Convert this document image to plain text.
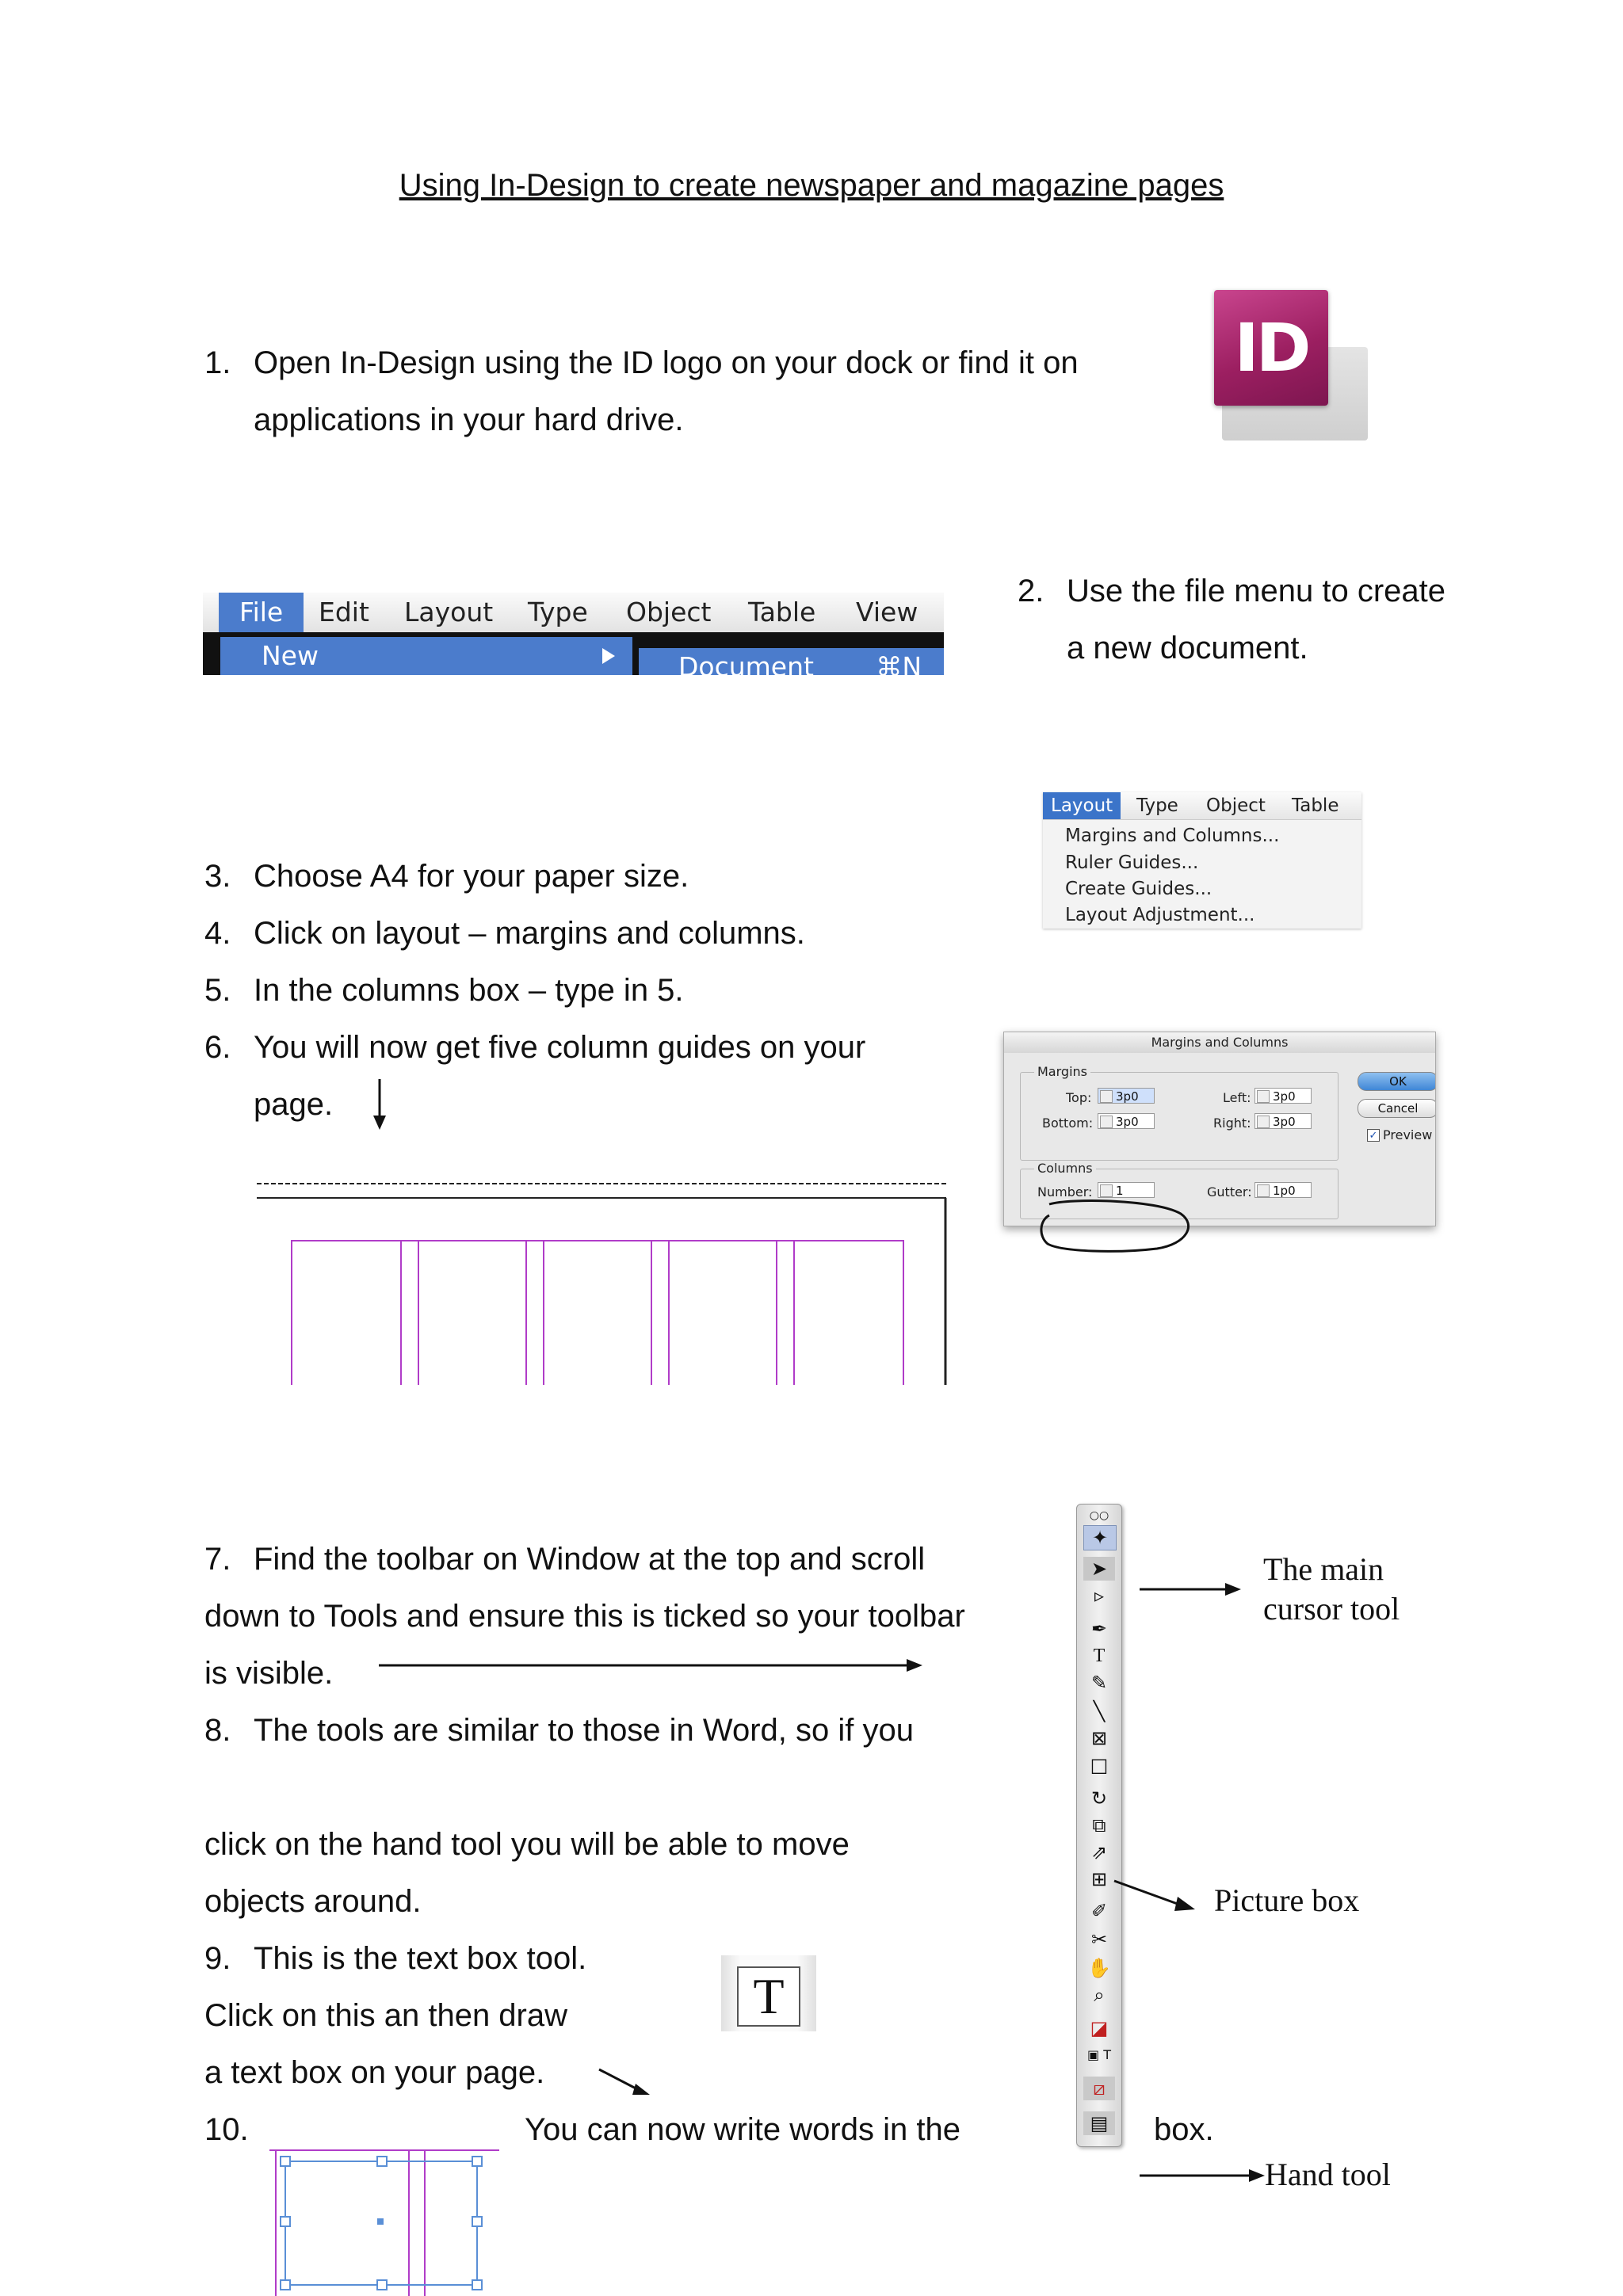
Using In-Design to create newspaper and magazine pages
1. Open In-Design using the ID logo on your dock or find it on
applications in your hard drive.
ID
File	Edit Layout Type Object Table View
New	Document ⌘N
2. Use the file menu to create
a new document.
Layout	Type Object Table
Margins and Columns...
Ruler Guides...
Create Guides...
Layout Adjustment...
3. Choose A4 for your paper size.
4. Click on layout – margins and columns.
5. In the columns box – type in 5.
6. You will now get five column guides on your
page.
Margins and Columns
Margins
Top:	3p0
Bottom:	3p0
Left:	3p0
Right:	3p0
Columns
Number:	1	Gutter:	1p0
OK
Cancel
✓ Preview
7. Find the toolbar on Window at the top and scroll
down to Tools and ensure this is ticked so your toolbar
is visible.
8. The tools are similar to those in Word, so if you
click on the hand tool you will be able to move
objects around.
9. This is the text box tool.
Click on this an then draw
a text box on your page.
T
10.	You can now write words in the	box.
○○
✦
➤
▹
✒
T
✎
╲
⊠
□
↻
⧉
⇗
⊞
✐
✂
✋
⌕
◪
▣ T
⧄
▤
The main
cursor tool
Picture box
Hand tool
